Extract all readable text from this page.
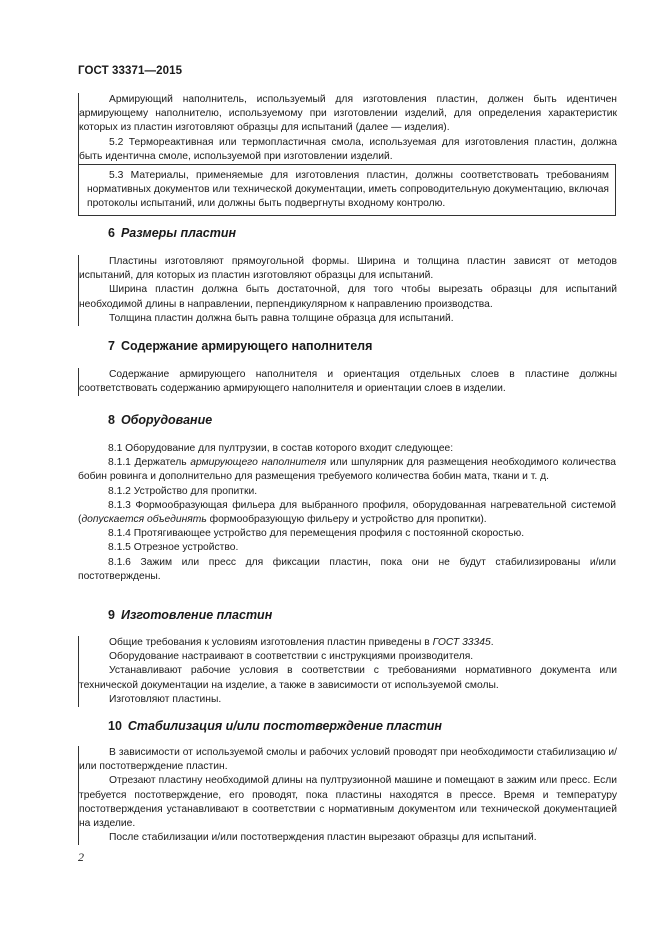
ГОСТ 33371—2015

Армирующий наполнитель, используемый для изготовления пластин, должен быть идентичен армирующему наполнителю, используемому при изготовлении изделий, для определения характеристик которых из пластин изготовляют образцы для испытаний (далее — изделия).

5.2 Термореактивная или термопластичная смола, используемая для изготовления пластин, должна быть идентична смоле, используемой при изготовлении изделий.

5.3 Материалы, применяемые для изготовления пластин, должны соответствовать требованиям нормативных документов или технической документации, иметь сопроводительную документацию, включая протоколы испытаний, или должны быть подвергнуты входному контролю.

6 Размеры пластин

Пластины изготовляют прямоугольной формы. Ширина и толщина пластин зависят от методов испытаний, для которых из пластин изготовляют образцы для испытаний.

Ширина пластин должна быть достаточной, для того чтобы вырезать образцы для испытаний необходимой длины в направлении, перпендикулярном к направлению производства.

Толщина пластин должна быть равна толщине образца для испытаний.

7 Содержание армирующего наполнителя

Содержание армирующего наполнителя и ориентация отдельных слоев в пластине должны соответствовать содержанию армирующего наполнителя и ориентации слоев в изделии.

8 Оборудование

8.1 Оборудование для пултрузии, в состав которого входит следующее:

8.1.1 Держатель армирующего наполнителя или шпулярник для размещения необходимого количества бобин ровинга и дополнительно для размещения требуемого количества бобин мата, ткани и т. д.

8.1.2 Устройство для пропитки.

8.1.3 Формообразующая фильера для выбранного профиля, оборудованная нагревательной системой (допускается объединять формообразующую фильеру и устройство для пропитки).

8.1.4 Протягивающее устройство для перемещения профиля с постоянной скоростью.

8.1.5 Отрезное устройство.

8.1.6 Зажим или пресс для фиксации пластин, пока они не будут стабилизированы и/или постотверждены.

9 Изготовление пластин

Общие требования к условиям изготовления пластин приведены в ГОСТ 33345.

Оборудование настраивают в соответствии с инструкциями производителя.

Устанавливают рабочие условия в соответствии с требованиями нормативного документа или технической документации на изделие, а также в зависимости от используемой смолы.

Изготовляют пластины.

10 Стабилизация и/или постотверждение пластин

В зависимости от используемой смолы и рабочих условий проводят при необходимости стабилизацию и/или постотверждение пластин.

Отрезают пластину необходимой длины на пултрузионной машине и помещают в зажим или пресс. Если требуется постотверждение, его проводят, пока пластины находятся в прессе. Время и температуру постотверждения устанавливают в соответствии с нормативным документом или технической документацией на изделие.

После стабилизации и/или постотверждения пластин вырезают образцы для испытаний.

2
